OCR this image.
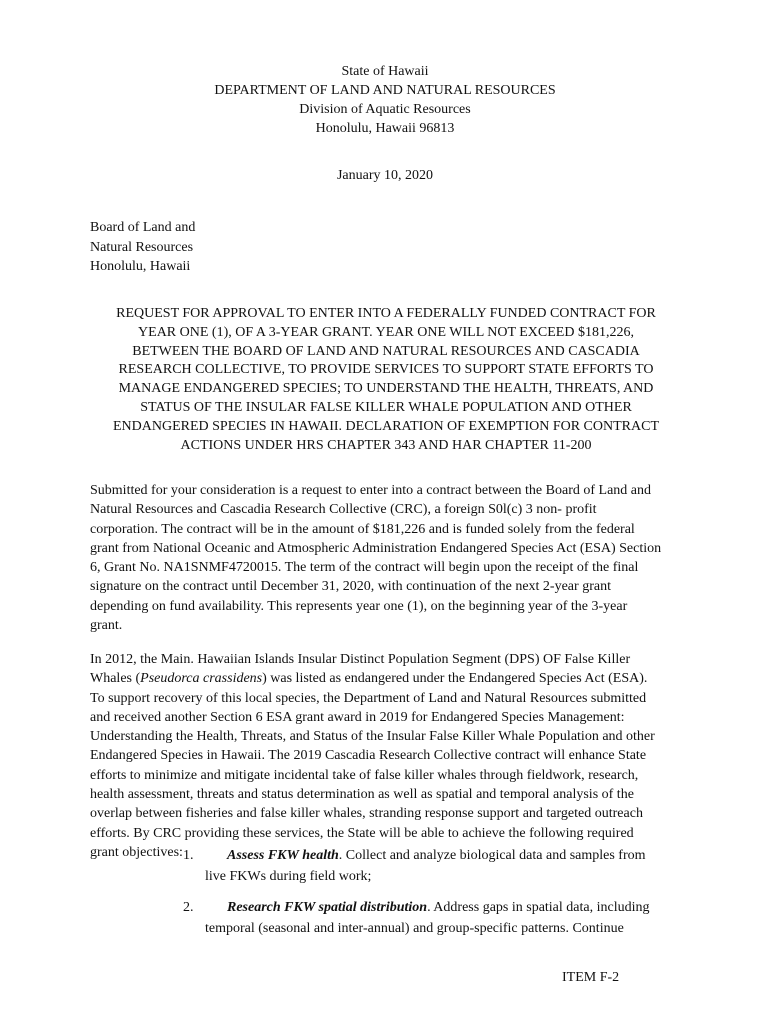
State of Hawaii
DEPARTMENT OF LAND AND NATURAL RESOURCES
Division of Aquatic Resources
Honolulu, Hawaii 96813
January 10, 2020
Board of Land and
Natural Resources
Honolulu, Hawaii
REQUEST FOR APPROVAL TO ENTER INTO A FEDERALLY FUNDED CONTRACT FOR
YEAR ONE (1), OF A 3-YEAR GRANT. YEAR ONE WILL NOT EXCEED $181,226,
BETWEEN THE BOARD OF LAND AND NATURAL RESOURCES AND CASCADIA
RESEARCH COLLECTIVE, TO PROVIDE SERVICES TO SUPPORT STATE EFFORTS TO
MANAGE ENDANGERED SPECIES; TO UNDERSTAND THE HEALTH, THREATS, AND
STATUS OF THE INSULAR FALSE KILLER WHALE POPULATION AND OTHER
ENDANGERED SPECIES IN HAWAII. DECLARATION OF EXEMPTION FOR CONTRACT
ACTIONS UNDER HRS CHAPTER 343 AND HAR CHAPTER 11-200
Submitted for your consideration is a request to enter into a contract between the Board of Land and
Natural Resources and Cascadia Research Collective (CRC), a foreign S0l(c) 3 non- profit
corporation. The contract will be in the amount of $181,226 and is funded solely from the federal
grant from National Oceanic and Atmospheric Administration Endangered Species Act (ESA) Section
6, Grant No. NA1SNMF4720015. The term of the contract will begin upon the receipt of the final
signature on the contract until December 31, 2020, with continuation of the next 2-year grant
depending on fund availability. This represents year one (1), on the beginning year of the 3-year
grant.
In 2012, the Main. Hawaiian Islands Insular Distinct Population Segment (DPS) OF False Killer
Whales (Pseudorca crassidens) was listed as endangered under the Endangered Species Act (ESA).
To support recovery of this local species, the Department of Land and Natural Resources submitted
and received another Section 6 ESA grant award in 2019 for Endangered Species Management:
Understanding the Health, Threats, and Status of the Insular False Killer Whale Population and other
Endangered Species in Hawaii. The 2019 Cascadia Research Collective contract will enhance State
efforts to minimize and mitigate incidental take of false killer whales through fieldwork, research,
health assessment, threats and status determination as well as spatial and temporal analysis of the
overlap between fisheries and false killer whales, stranding response support and targeted outreach
efforts. By CRC providing these services, the State will be able to achieve the following required
grant objectives: 1.	Assess FKW health. Collect and analyze biological data and samples from
live FKWs during field work;
2.	Research FKW spatial distribution. Address gaps in spatial data, including
temporal (seasonal and inter-annual) and group-specific patterns. Continue
ITEM F-2
